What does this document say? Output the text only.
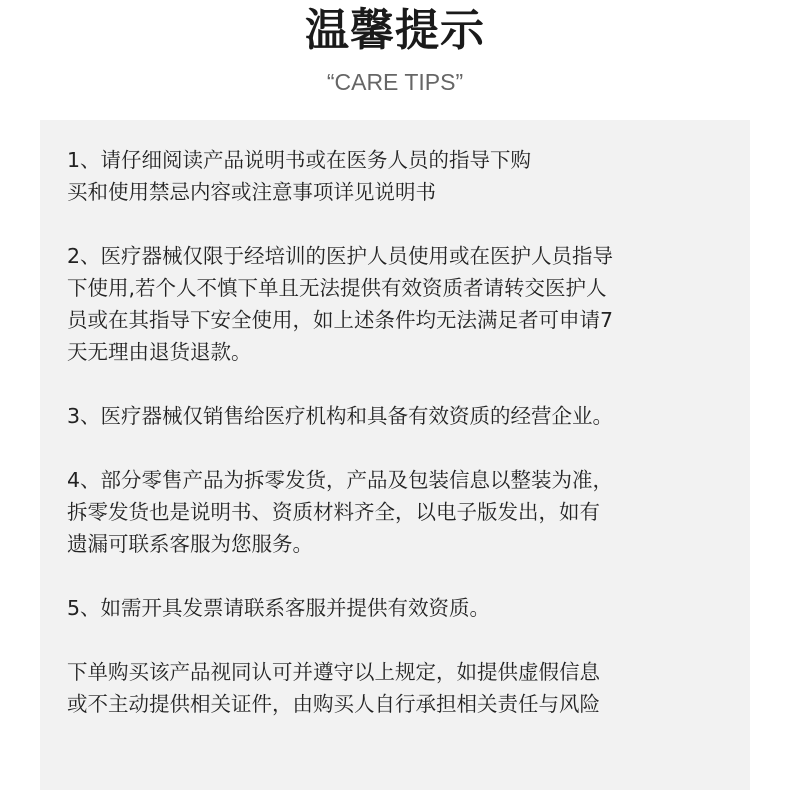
温馨提示
“CARE TIPS”

1、请仔细阅读产品说明书或在医务人员的指导下购
买和使用禁忌内容或注意事项详见说明书

2、医疗器械仅限于经培训的医护人员使用或在医护人员指导
下使用,若个人不慎下单且无法提供有效资质者请转交医护人
员或在其指导下安全使用，如上述条件均无法满足者可申请7
天无理由退货退款。

3、医疗器械仅销售给医疗机构和具备有效资质的经营企业。

4、部分零售产品为拆零发货，产品及包装信息以整装为准，
拆零发货也是说明书、资质材料齐全，以电子版发出，如有
遗漏可联系客服为您服务。

5、如需开具发票请联系客服并提供有效资质。

下单购买该产品视同认可并遵守以上规定，如提供虚假信息
或不主动提供相关证件，由购买人自行承担相关责任与风险
